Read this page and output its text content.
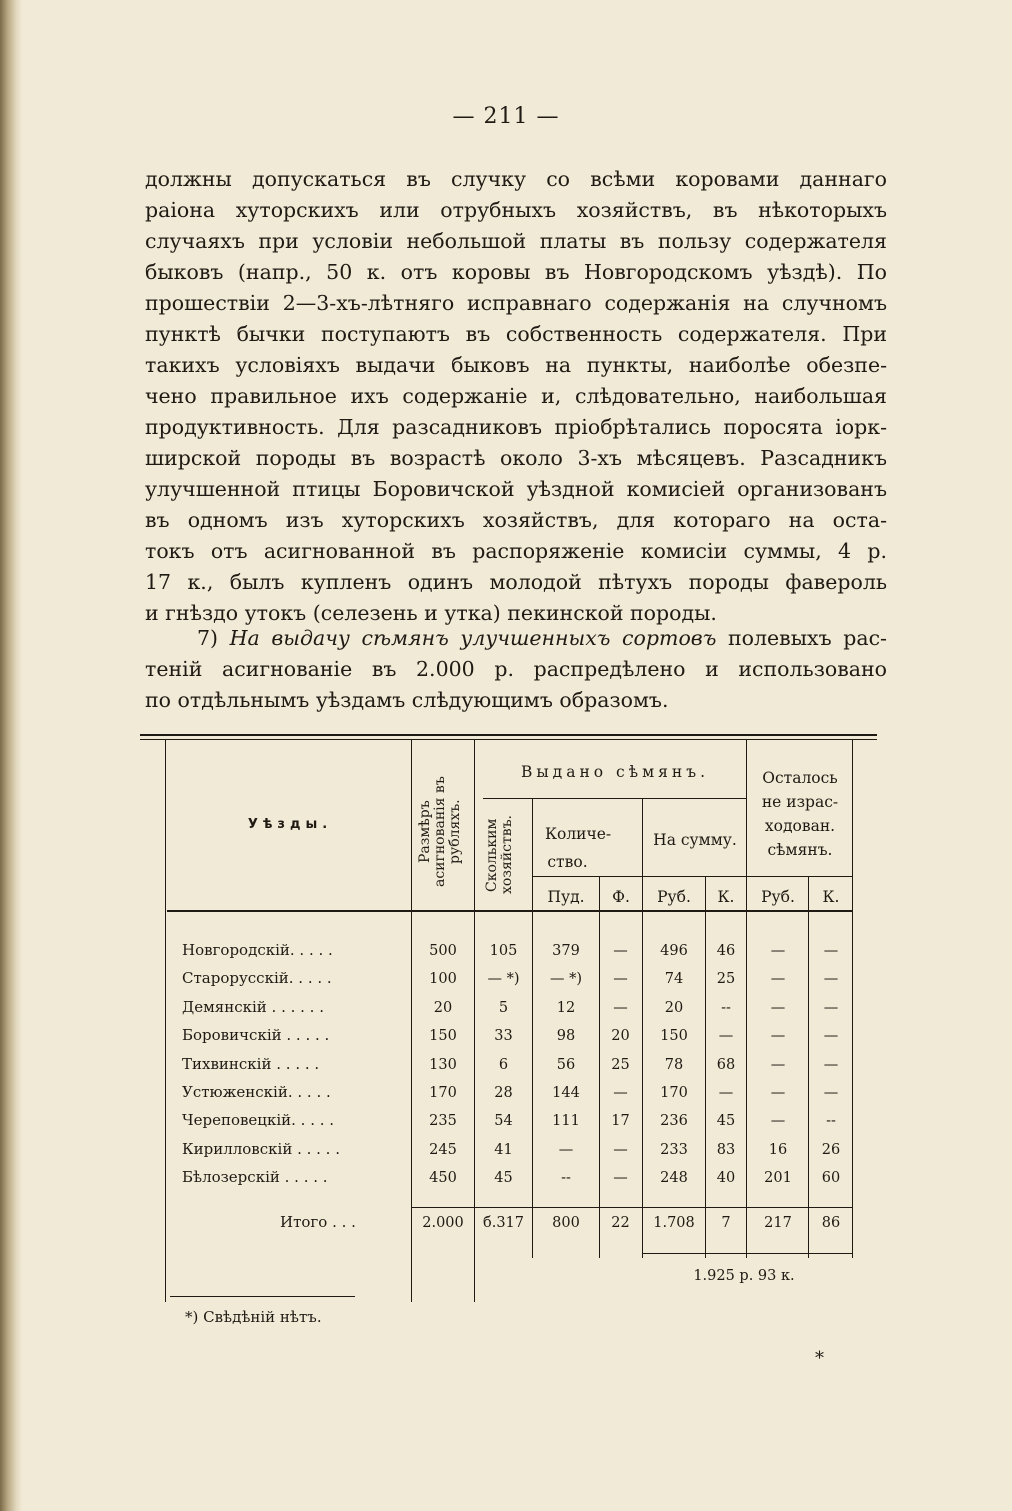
— 211 —
должны допускаться въ случку со всѣми коровами даннаго
раіона хуторскихъ или отрубныхъ хозяйствъ, въ нѣкоторыхъ
случаяхъ при условіи небольшой платы въ пользу содержателя
быковъ (напр., 50 к. отъ коровы въ Новгородскомъ уѣздѣ). По
прошествіи 2—3-хъ-лѣтняго исправнаго содержанія на случномъ
пунктѣ бычки поступаютъ въ собственность содержателя. При
такихъ условіяхъ выдачи быковъ на пункты, наиболѣе обезпе-
чено правильное ихъ содержаніе и, слѣдовательно, наибольшая
продуктивность. Для разсадниковъ пріобрѣтались поросята іорк-
ширской породы въ возрастѣ около 3-хъ мѣсяцевъ. Разсадникъ
улучшенной птицы Боровичской уѣздной комисіей организованъ
въ одномъ изъ хуторскихъ хозяйствъ, для котораго на оста-
токъ отъ асигнованной въ распоряженіе комисіи суммы, 4 р.
17 к., былъ купленъ одинъ молодой пѣтухъ породы фавероль
и гнѣздо утокъ (селезень и утка) пекинской породы.
7) На выдачу сѣмянъ улучшенныхъ сортовъ полевыхъ рас-
теній асигнованіе въ 2.000 р. распредѣлено и использовано
по отдѣльнымъ уѣздамъ слѣдующимъ образомъ.
Уѣзды.	Размѣръ асигнованія въ рубляхъ.
Выдано сѣмянъ.
Скольким хозяйствъ.	Количе-ство.
На сумму.
Осталось не израс-ходован. сѣмянъ.
Пуд.	Ф.	Руб.	К.	Руб.	К.
Новгородскій. . . . .	500	105	379	—	496	46	—	—
Старорусскій. . . . .	100	— *)	— *)	—	74	25	—	—
Демянскій . . . . . .	20	5	12	—	20	--	—	—
Боровичскій . . . . .	150	33	98	20	150	—	—	—
Тихвинскій . . . . .	130	6	56	25	78	68	—	—
Устюженскій. . . . .	170	28	144	—	170	—	—	—
Череповецкій. . . . .	235	54	111	17	236	45	—	--
Кирилловскій . . . . .	245	41	—	—	233	83	16	26
Бѣлозерскій . . . . .	450	45	--	—	248	40	201	60
Итого . . .	2.000	б.317	800	22	1.708	7	217	86
1.925 р. 93 к.
*) Свѣдѣній нѣтъ.
*
